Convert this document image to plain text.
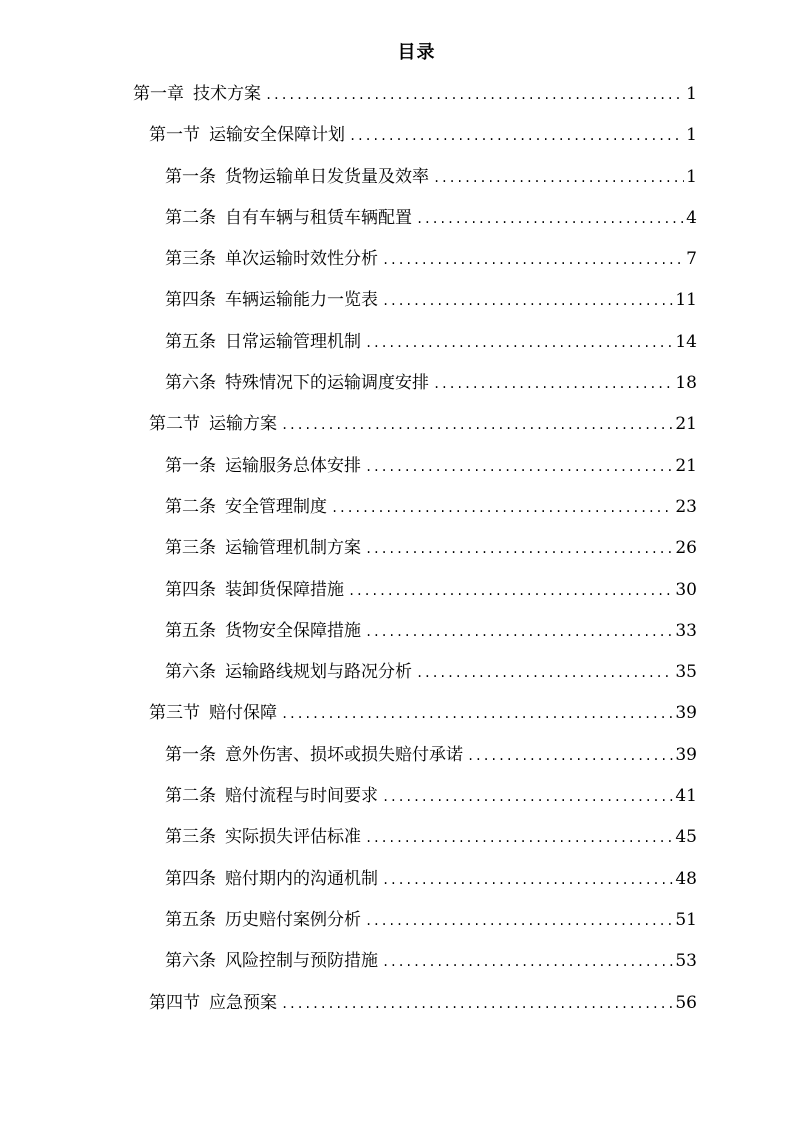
目录
第一章 技术方案 .....	1
第一节 运输安全保障计划 .....	1
第一条 货物运输单日发货量及效率 .....	1
第二条 自有车辆与租赁车辆配置 .....	4
第三条 单次运输时效性分析 .....	7
第四条 车辆运输能力一览表 .....	11
第五条 日常运输管理机制 .....	14
第六条 特殊情况下的运输调度安排 .....	18
第二节 运输方案 .....	21
第一条 运输服务总体安排 .....	21
第二条 安全管理制度 .....	23
第三条 运输管理机制方案 .....	26
第四条 装卸货保障措施 .....	30
第五条 货物安全保障措施 .....	33
第六条 运输路线规划与路况分析 .....	35
第三节 赔付保障 .....	39
第一条 意外伤害、损坏或损失赔付承诺 .....	39
第二条 赔付流程与时间要求 .....	41
第三条 实际损失评估标准 .....	45
第四条 赔付期内的沟通机制 .....	48
第五条 历史赔付案例分析 .....	51
第六条 风险控制与预防措施 .....	53
第四节 应急预案 .....	56
